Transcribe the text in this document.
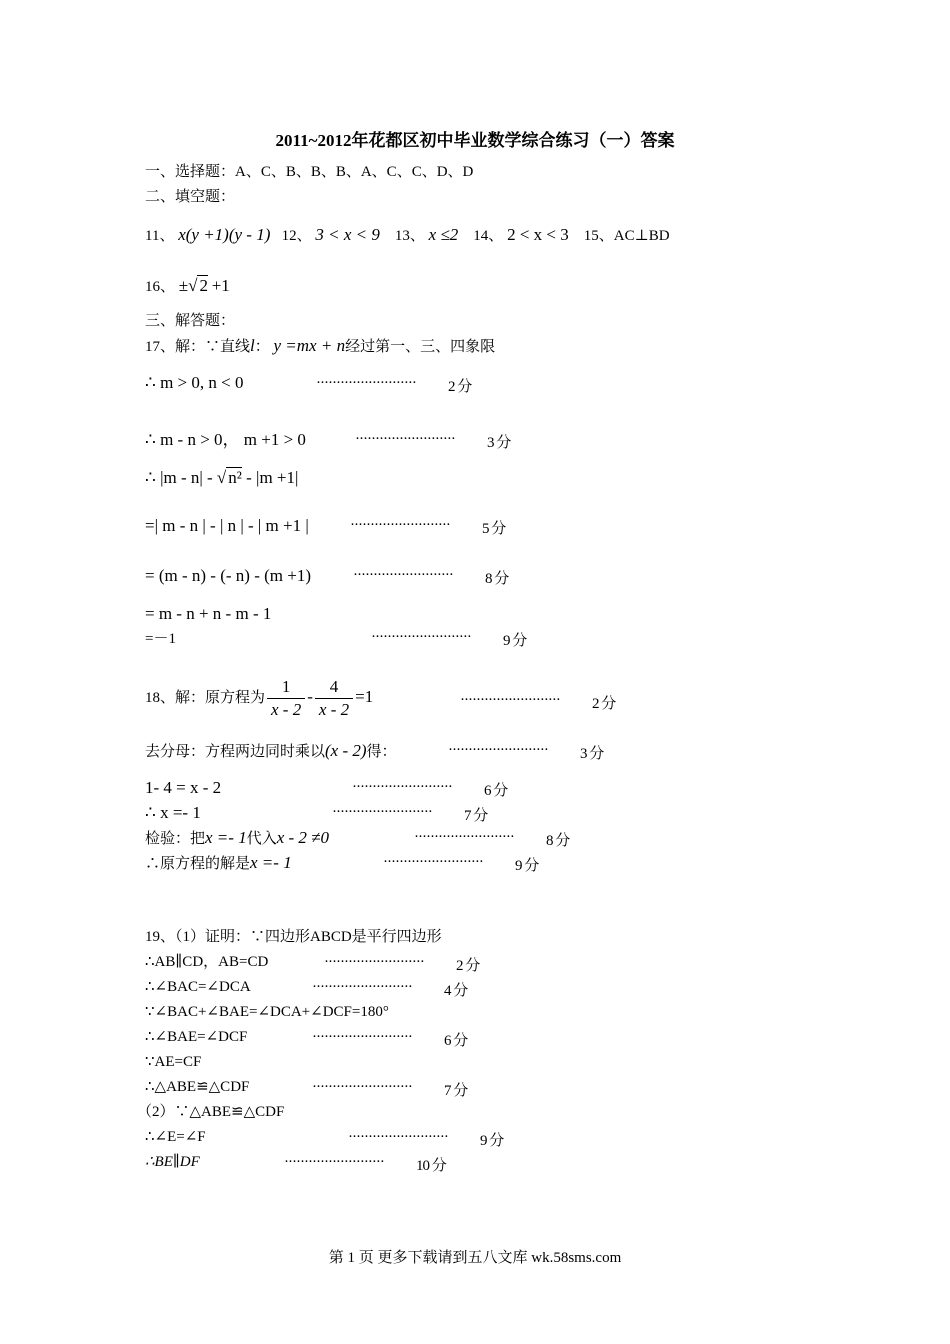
2011~2012年花都区初中毕业数学综合练习（一）答案
一、选择题：A、C、B、B、B、A、C、C、D、D
二、填空题：
11、 x(y +1)(y - 1) 12、 3 < x < 9 13、 x ≤2 14、 2 < x < 3 15、AC⊥BD
16、 ±√ 2 +1
三、解答题：
17、解：∵直线l： y =mx + n经过第一、三、四象限
∴ m > 0, n < 0	························· 2 分
∴ m - n > 0， m +1 > 0	························· 3 分
∴ |m - n| - √ n² - |m +1|
=| m - n | - | n | - | m +1 |	························· 5 分
= (m - n) - (- n) - (m +1)	························· 8 分
= m - n + n - m - 1
=－1	························· 9 分
18、解：原方程为 $\frac{1}{x - 2} - \frac{4}{x - 2} =1$	························· 2 分
去分母：方程两边同时乘以(x - 2)得：	························· 3 分
1- 4 = x - 2	························· 6 分
∴ x =- 1	························· 7 分
检验：把x =- 1代入x - 2 ≠0	························· 8 分
∴原方程的解是x =- 1	························· 9 分
19、（1）证明：∵四边形ABCD是平行四边形
∴AB∥CD，AB=CD	························· 2 分
∴∠BAC=∠DCA	························· 4 分
∵∠BAC+∠BAE=∠DCA+∠DCF=180°
∴∠BAE=∠DCF	························· 6 分
∵AE=CF
∴△ABE≌△CDF	························· 7 分
（2）∵△ABE≌△CDF
∴∠E=∠F	························· 9 分
∴BE∥DF	························· 10 分
第 1 页 更多下载请到五八文库 wk.58sms.com
